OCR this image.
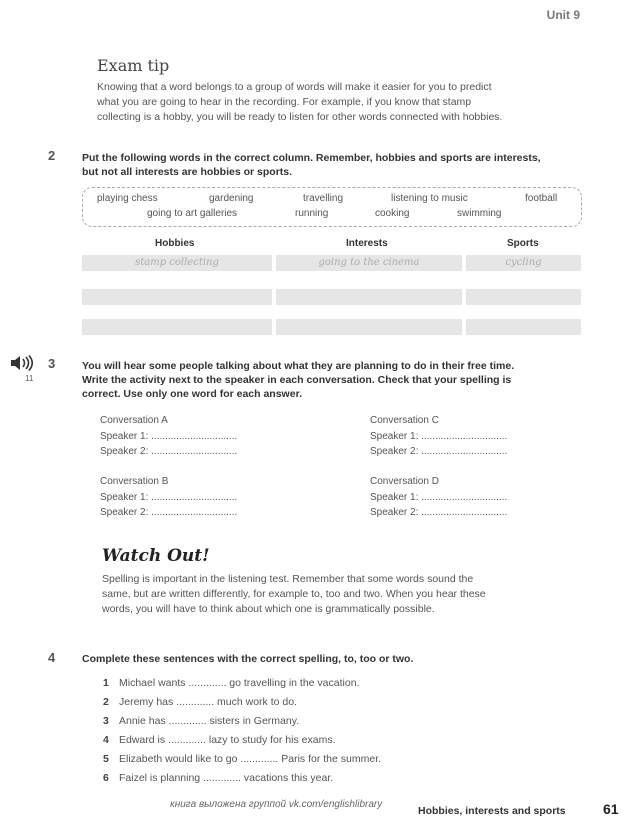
Unit 9
Exam tip
Knowing that a word belongs to a group of words will make it easier for you to predict
what you are going to hear in the recording. For example, if you know that stamp
collecting is a hobby, you will be ready to listen for other words connected with hobbies.
2	Put the following words in the correct column. Remember, hobbies and sports are interests,
but not all interests are hobbies or sports.
playing chess	gardening	travelling	listening to music	football
going to art galleries	running	cooking	swimming
Hobbies	Interests	Sports
stamp collecting	going to the cinema	cycling
11
3	You will hear some people talking about what they are planning to do in their free time.
Write the activity next to the speaker in each conversation. Check that your spelling is
correct. Use only one word for each answer.
Conversation A
Speaker 1: ...............................
Speaker 2: ...............................
Conversation C
Speaker 1: ...............................
Speaker 2: ...............................
Conversation B
Speaker 1: ...............................
Speaker 2: ...............................
Conversation D
Speaker 1: ...............................
Speaker 2: ...............................
Watch Out!
Spelling is important in the listening test. Remember that some words sound the
same, but are written differently, for example to, too and two. When you hear these
words, you will have to think about which one is grammatically possible.
4	Complete these sentences with the correct spelling, to, too or two.
1 Michael wants ............. go travelling in the vacation.
2 Jeremy has ............. much work to do.
3 Annie has ............. sisters in Germany.
4 Edward is ............. lazy to study for his exams.
5 Elizabeth would like to go ............. Paris for the summer.
6 Faizel is planning ............. vacations this year.
книга выложена группой vk.com/englishlibrary
Hobbies, interests and sports	61
